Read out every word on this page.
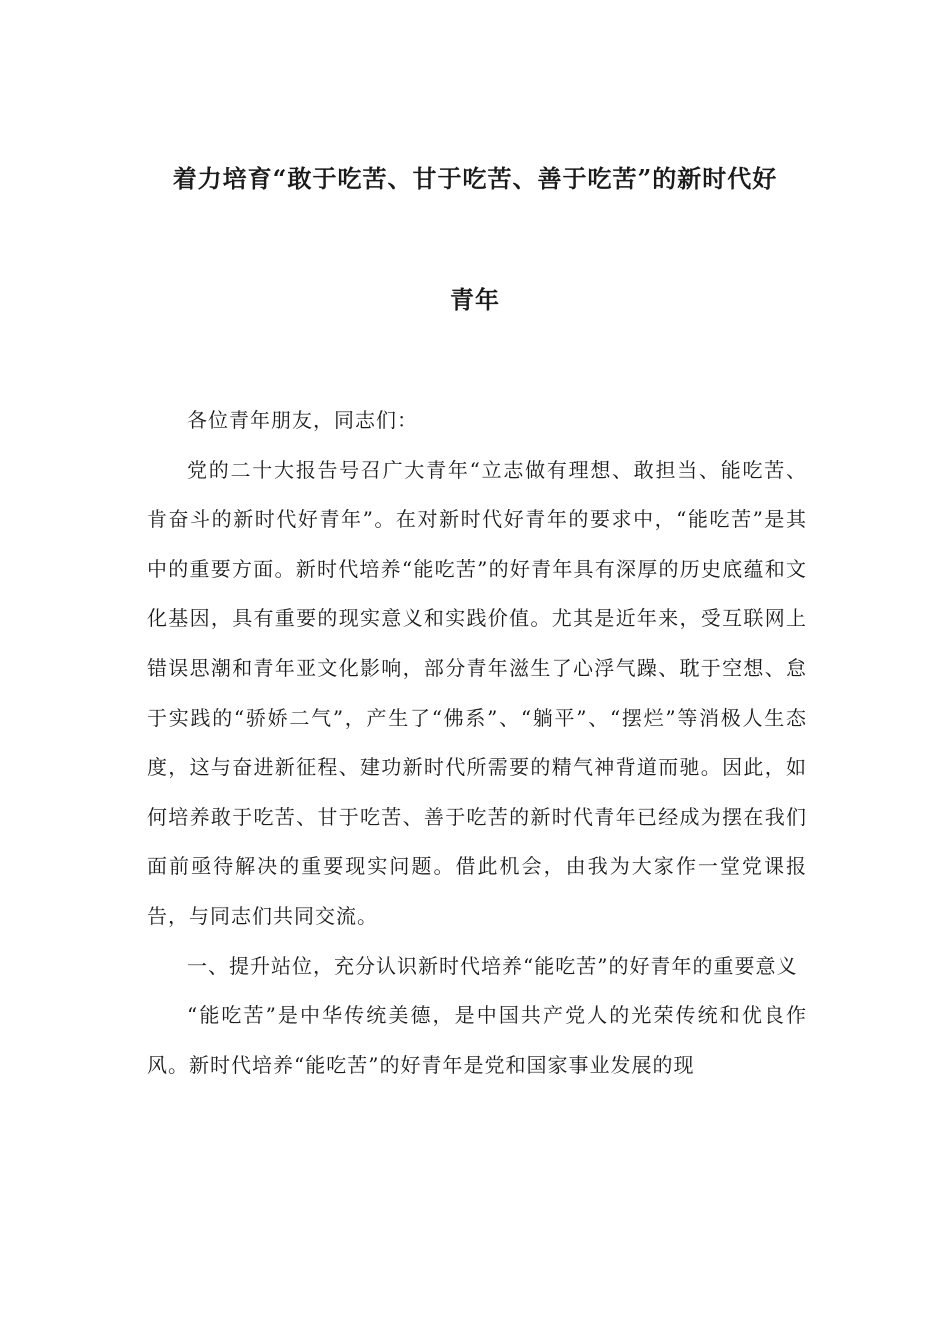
着力培育“敢于吃苦、甘于吃苦、善于吃苦”的新时代好
青年

各位青年朋友，同志们：

党的二十大报告号召广大青年“立志做有理想、敢担当、能吃苦、肯奋斗的新时代好青年”。在对新时代好青年的要求中，“能吃苦”是其中的重要方面。新时代培养“能吃苦”的好青年具有深厚的历史底蕴和文化基因，具有重要的现实意义和实践价值。尤其是近年来，受互联网上错误思潮和青年亚文化影响，部分青年滋生了心浮气躁、耽于空想、怠于实践的“骄娇二气”，产生了“佛系”、“躺平”、“摆烂”等消极人生态度，这与奋进新征程、建功新时代所需要的精气神背道而驰。因此，如何培养敢于吃苦、甘于吃苦、善于吃苦的新时代青年已经成为摆在我们面前亟待解决的重要现实问题。借此机会，由我为大家作一堂党课报告，与同志们共同交流。

一、提升站位，充分认识新时代培养“能吃苦”的好青年的重要意义

“能吃苦”是中华传统美德，是中国共产党人的光荣传统和优良作风。新时代培养“能吃苦”的好青年是党和国家事业发展的现
